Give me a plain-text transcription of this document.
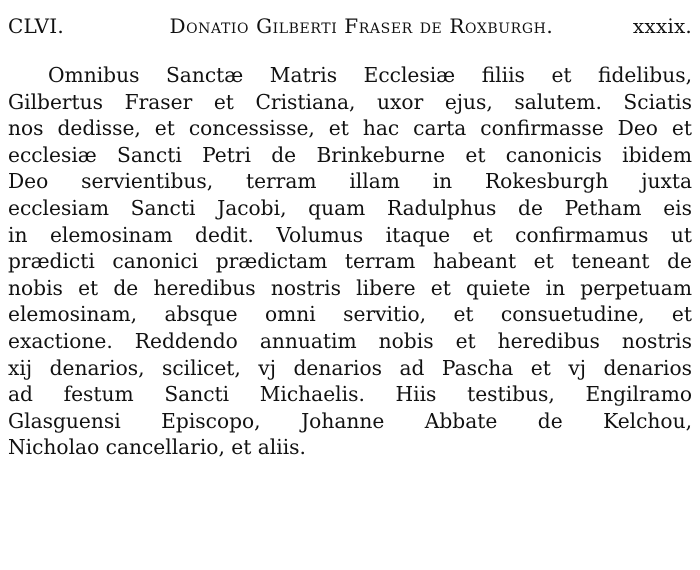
CLVI.	Donatio Gilberti Fraser de Roxburgh.	xxxix.
Omnibus Sanctæ Matris Ecclesiæ filiis et fidelibus,
Gilbertus Fraser et Cristiana, uxor ejus, salutem. Sciatis
nos dedisse, et concessisse, et hac carta confirmasse Deo et
ecclesiæ Sancti Petri de Brinkeburne et canonicis ibidem
Deo servientibus, terram illam in Rokesburgh juxta
ecclesiam Sancti Jacobi, quam Radulphus de Petham eis
in elemosinam dedit. Volumus itaque et confirmamus ut
prædicti canonici prædictam terram habeant et teneant de
nobis et de heredibus nostris libere et quiete in perpetuam
elemosinam, absque omni servitio, et consuetudine, et
exactione. Reddendo annuatim nobis et heredibus nostris
xij denarios, scilicet, vj denarios ad Pascha et vj denarios
ad festum Sancti Michaelis. Hiis testibus, Engilramo
Glasguensi Episcopo, Johanne Abbate de Kelchou,
Nicholao cancellario, et aliis.
